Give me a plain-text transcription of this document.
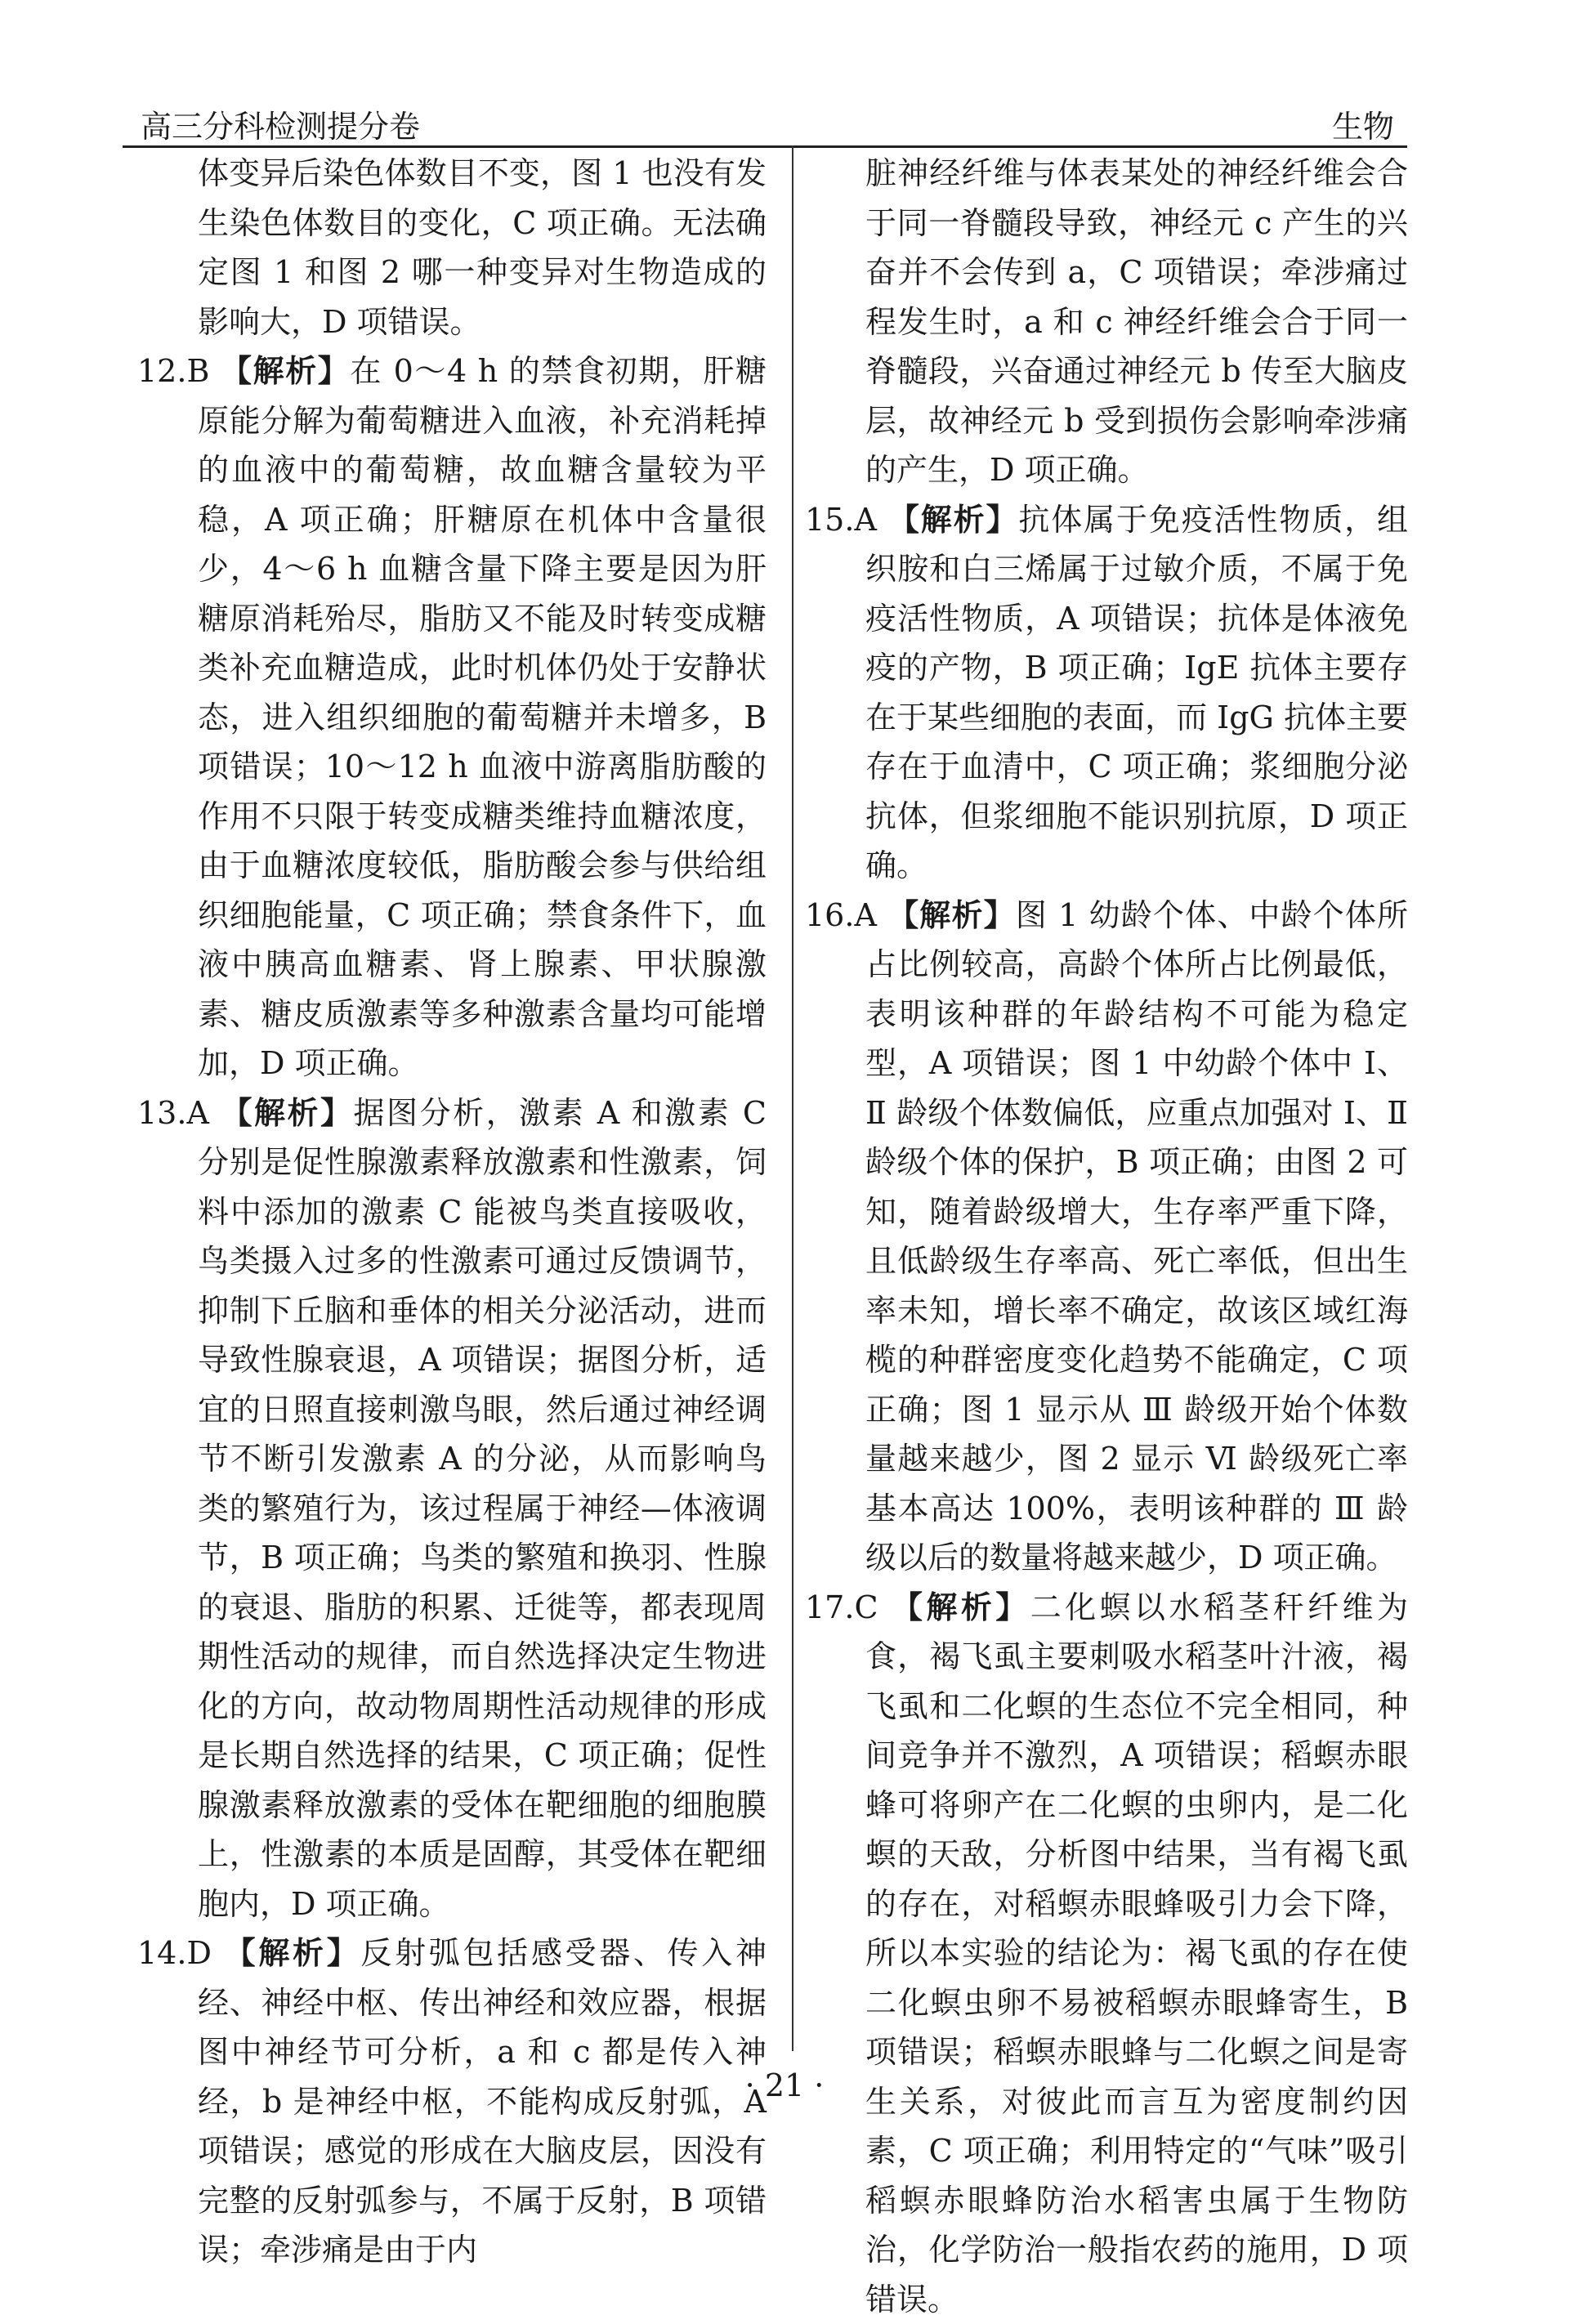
高三分科检测提分卷	生物

体变异后染色体数目不变，图 1 也没有发生染色体数目的变化，C 项正确。无法确定图 1 和图 2 哪一种变异对生物造成的影响大，D 项错误。

12.B 【解析】在 0～4 h 的禁食初期，肝糖原能分解为葡萄糖进入血液，补充消耗掉的血液中的葡萄糖，故血糖含量较为平稳，A 项正确；肝糖原在机体中含量很少，4～6 h 血糖含量下降主要是因为肝糖原消耗殆尽，脂肪又不能及时转变成糖类补充血糖造成，此时机体仍处于安静状态，进入组织细胞的葡萄糖并未增多，B 项错误；10～12 h 血液中游离脂肪酸的作用不只限于转变成糖类维持血糖浓度，由于血糖浓度较低，脂肪酸会参与供给组织细胞能量，C 项正确；禁食条件下，血液中胰高血糖素、肾上腺素、甲状腺激素、糖皮质激素等多种激素含量均可能增加，D 项正确。

13.A 【解析】据图分析，激素 A 和激素 C 分别是促性腺激素释放激素和性激素，饲料中添加的激素 C 能被鸟类直接吸收，鸟类摄入过多的性激素可通过反馈调节，抑制下丘脑和垂体的相关分泌活动，进而导致性腺衰退，A 项错误；据图分析，适宜的日照直接刺激鸟眼，然后通过神经调节不断引发激素 A 的分泌，从而影响鸟类的繁殖行为，该过程属于神经—体液调节，B 项正确；鸟类的繁殖和换羽、性腺的衰退、脂肪的积累、迁徙等，都表现周期性活动的规律，而自然选择决定生物进化的方向，故动物周期性活动规律的形成是长期自然选择的结果，C 项正确；促性腺激素释放激素的受体在靶细胞的细胞膜上，性激素的本质是固醇，其受体在靶细胞内，D 项正确。

14.D 【解析】反射弧包括感受器、传入神经、神经中枢、传出神经和效应器，根据图中神经节可分析，a 和 c 都是传入神经，b 是神经中枢，不能构成反射弧，A 项错误；感觉的形成在大脑皮层，因没有完整的反射弧参与，不属于反射，B 项错误；牵涉痛是由于内

脏神经纤维与体表某处的神经纤维会合于同一脊髓段导致，神经元 c 产生的兴奋并不会传到 a，C 项错误；牵涉痛过程发生时，a 和 c 神经纤维会合于同一脊髓段，兴奋通过神经元 b 传至大脑皮层，故神经元 b 受到损伤会影响牵涉痛的产生，D 项正确。

15.A 【解析】抗体属于免疫活性物质，组织胺和白三烯属于过敏介质，不属于免疫活性物质，A 项错误；抗体是体液免疫的产物，B 项正确；IgE 抗体主要存在于某些细胞的表面，而 IgG 抗体主要存在于血清中，C 项正确；浆细胞分泌抗体，但浆细胞不能识别抗原，D 项正确。

16.A 【解析】图 1 幼龄个体、中龄个体所占比例较高，高龄个体所占比例最低，表明该种群的年龄结构不可能为稳定型，A 项错误；图 1 中幼龄个体中 Ⅰ、Ⅱ 龄级个体数偏低，应重点加强对 Ⅰ、Ⅱ 龄级个体的保护，B 项正确；由图 2 可知，随着龄级增大，生存率严重下降，且低龄级生存率高、死亡率低，但出生率未知，增长率不确定，故该区域红海榄的种群密度变化趋势不能确定，C 项正确；图 1 显示从 Ⅲ 龄级开始个体数量越来越少，图 2 显示 Ⅵ 龄级死亡率基本高达 100%，表明该种群的 Ⅲ 龄级以后的数量将越来越少，D 项正确。

17.C 【解析】二化螟以水稻茎秆纤维为食，褐飞虱主要刺吸水稻茎叶汁液，褐飞虱和二化螟的生态位不完全相同，种间竞争并不激烈，A 项错误；稻螟赤眼蜂可将卵产在二化螟的虫卵内，是二化螟的天敌，分析图中结果，当有褐飞虱的存在，对稻螟赤眼蜂吸引力会下降，所以本实验的结论为：褐飞虱的存在使二化螟虫卵不易被稻螟赤眼蜂寄生，B 项错误；稻螟赤眼蜂与二化螟之间是寄生关系，对彼此而言互为密度制约因素，C 项正确；利用特定的“气味”吸引稻螟赤眼蜂防治水稻害虫属于生物防治，化学防治一般指农药的施用，D 项错误。

· 21 ·
